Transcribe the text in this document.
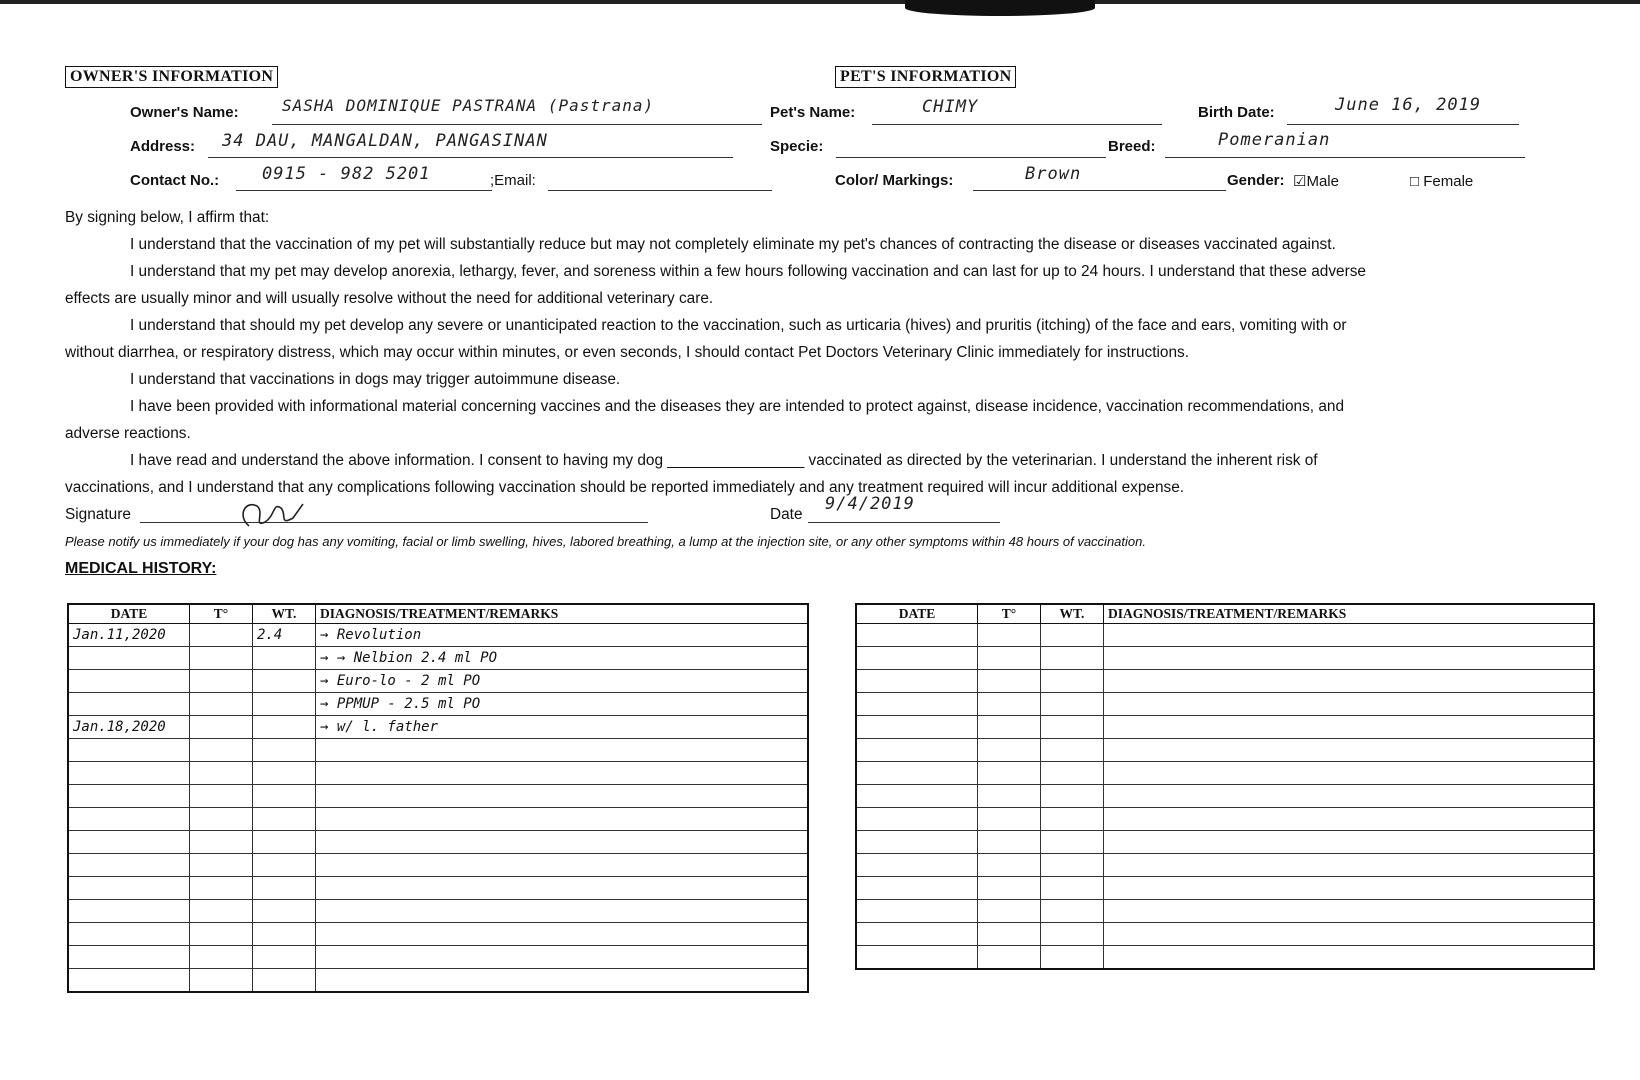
OWNER'S INFORMATION
Owner's Name:	SASHA DOMINIQUE PASTRANA (Pastrana)
Address: 34 DAU, MANGALDAN, PANGASINAN
Contact No.:	0915 - 982 5201	;Email:
PET'S INFORMATION
Pet's Name:	CHIMY	Birth Date:	June 16, 2019
Specie:	Breed:	Pomeranian
Color/ Markings:	Brown	Gender: ☑Male	□ Female
By signing below, I affirm that:
I understand that the vaccination of my pet will substantially reduce but may not completely eliminate my pet's chances of contracting the disease or diseases vaccinated against.
I understand that my pet may develop anorexia, lethargy, fever, and soreness within a few hours following vaccination and can last for up to 24 hours. I understand that these adverse
effects are usually minor and will usually resolve without the need for additional veterinary care.
I understand that should my pet develop any severe or unanticipated reaction to the vaccination, such as urticaria (hives) and pruritis (itching) of the face and ears, vomiting with or
without diarrhea, or respiratory distress, which may occur within minutes, or even seconds, I should contact Pet Doctors Veterinary Clinic immediately for instructions.
I understand that vaccinations in dogs may trigger autoimmune disease.
I have been provided with informational material concerning vaccines and the diseases they are intended to protect against, disease incidence, vaccination recommendations, and
adverse reactions.
I have read and understand the above information. I consent to having my dog ________________ vaccinated as directed by the veterinarian. I understand the inherent risk of
vaccinations, and I understand that any complications following vaccination should be reported immediately and any treatment required will incur additional expense.
Signature	Date
9/4/2019
Please notify us immediately if your dog has any vomiting, facial or limb swelling, hives, labored breathing, a lump at the injection site, or any other symptoms within 48 hours of vaccination.
MEDICAL HISTORY:
DATE	T°	WT.	DIAGNOSIS/TREATMENT/REMARKS
Jan.11,2020		2.4	→ Revolution
			→ → Nelbion 2.4 ml PO
			→ Euro-lo - 2 ml PO
			→ PPMUP - 2.5 ml PO
Jan.18,2020			→ w/ l. father

DATE	T°	WT.	DIAGNOSIS/TREATMENT/REMARKS
